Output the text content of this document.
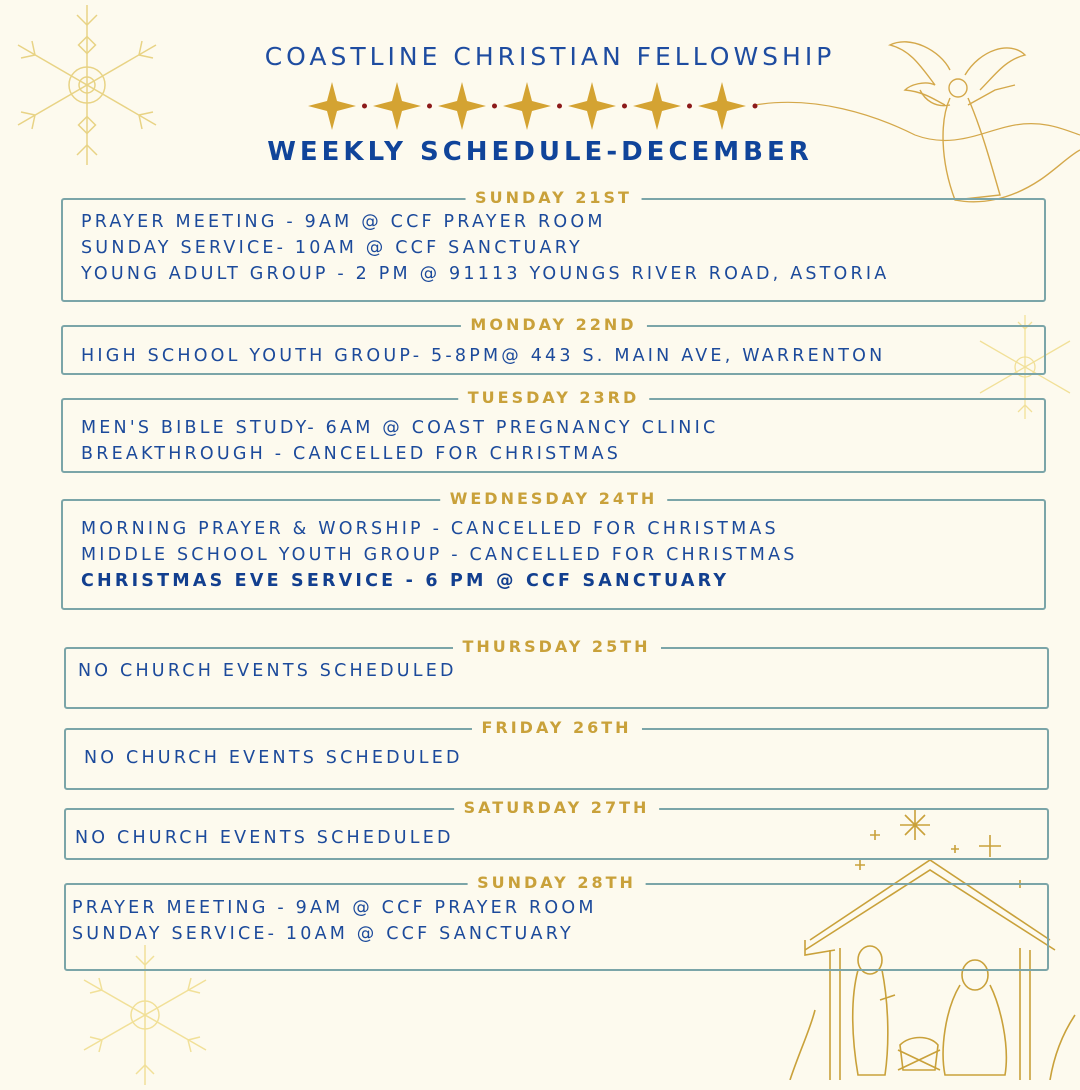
COASTLINE CHRISTIAN FELLOWSHIP
WEEKLY SCHEDULE-DECEMBER
SUNDAY 21ST
PRAYER MEETING - 9AM @ CCF PRAYER ROOM
SUNDAY SERVICE- 10AM @ CCF SANCTUARY
YOUNG ADULT GROUP - 2 PM @ 91113 YOUNGS RIVER ROAD, ASTORIA
MONDAY 22ND
HIGH SCHOOL YOUTH GROUP- 5-8PM@ 443 S. MAIN AVE, WARRENTON
TUESDAY 23RD
MEN'S BIBLE STUDY- 6AM @ COAST PREGNANCY CLINIC
BREAKTHROUGH - CANCELLED FOR CHRISTMAS
WEDNESDAY 24TH
MORNING PRAYER & WORSHIP - CANCELLED FOR CHRISTMAS
MIDDLE SCHOOL YOUTH GROUP - CANCELLED FOR CHRISTMAS
CHRISTMAS EVE SERVICE - 6 PM @ CCF SANCTUARY
THURSDAY 25TH
NO CHURCH EVENTS SCHEDULED
FRIDAY 26TH
NO CHURCH EVENTS SCHEDULED
SATURDAY 27TH
NO CHURCH EVENTS SCHEDULED
SUNDAY 28TH
PRAYER MEETING - 9AM @ CCF PRAYER ROOM
SUNDAY SERVICE- 10AM @ CCF SANCTUARY
